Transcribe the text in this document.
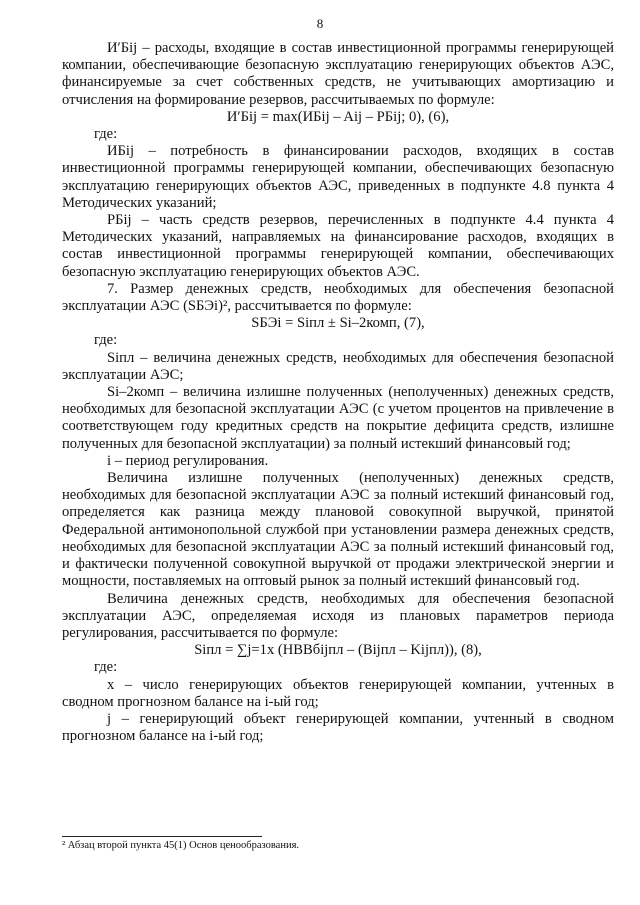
8

И′Бij – расходы, входящие в состав инвестиционной программы генерирующей компании, обеспечивающие безопасную эксплуатацию генерирующих объектов АЭС, финансируемые за счет собственных средств, не учитывающих амортизацию и отчисления на формирование резервов, рассчитываемых по формуле:

И′Бij = max(ИБij – Aij – PБij; 0), (6),

где:

ИБij – потребность в финансировании расходов, входящих в состав инвестиционной программы генерирующей компании, обеспечивающих безопасную эксплуатацию генерирующих объектов АЭС, приведенных в подпункте 4.8 пункта 4 Методических указаний;

PБij – часть средств резервов, перечисленных в подпункте 4.4 пункта 4 Методических указаний, направляемых на финансирование расходов, входящих в состав инвестиционной программы генерирующей компании, обеспечивающих безопасную эксплуатацию генерирующих объектов АЭС.

7. Размер денежных средств, необходимых для обеспечения безопасной эксплуатации АЭС (SБЭi)², рассчитывается по формуле:

SБЭi = Siпл ± Si–2комп, (7),

где:

Siпл – величина денежных средств, необходимых для обеспечения безопасной эксплуатации АЭС;

Si–2комп – величина излишне полученных (неполученных) денежных средств, необходимых для безопасной эксплуатации АЭС (с учетом процентов на привлечение в соответствующем году кредитных средств на покрытие дефицита средств, излишне полученных для безопасной эксплуатации) за полный истекший финансовый год;

i – период регулирования.

Величина излишне полученных (неполученных) денежных средств, необходимых для безопасной эксплуатации АЭС за полный истекший финансовый год, определяется как разница между плановой совокупной выручкой, принятой Федеральной антимонопольной службой при установлении размера денежных средств, необходимых для безопасной эксплуатации АЭС за полный истекший финансовый год, и фактически полученной совокупной выручкой от продажи электрической энергии и мощности, поставляемых на оптовый рынок за полный истекший финансовый год.

Величина денежных средств, необходимых для обеспечения безопасной эксплуатации АЭС, определяемая исходя из плановых параметров периода регулирования, рассчитывается по формуле:

Siпл = ∑j=1x (НВВбijпл – (Bijпл – Kijпл)), (8),

где:

x – число генерирующих объектов генерирующей компании, учтенных в сводном прогнозном балансе на i-ый год;

j – генерирующий объект генерирующей компании, учтенный в сводном прогнозном балансе на i-ый год;

² Абзац второй пункта 45(1) Основ ценообразования.
